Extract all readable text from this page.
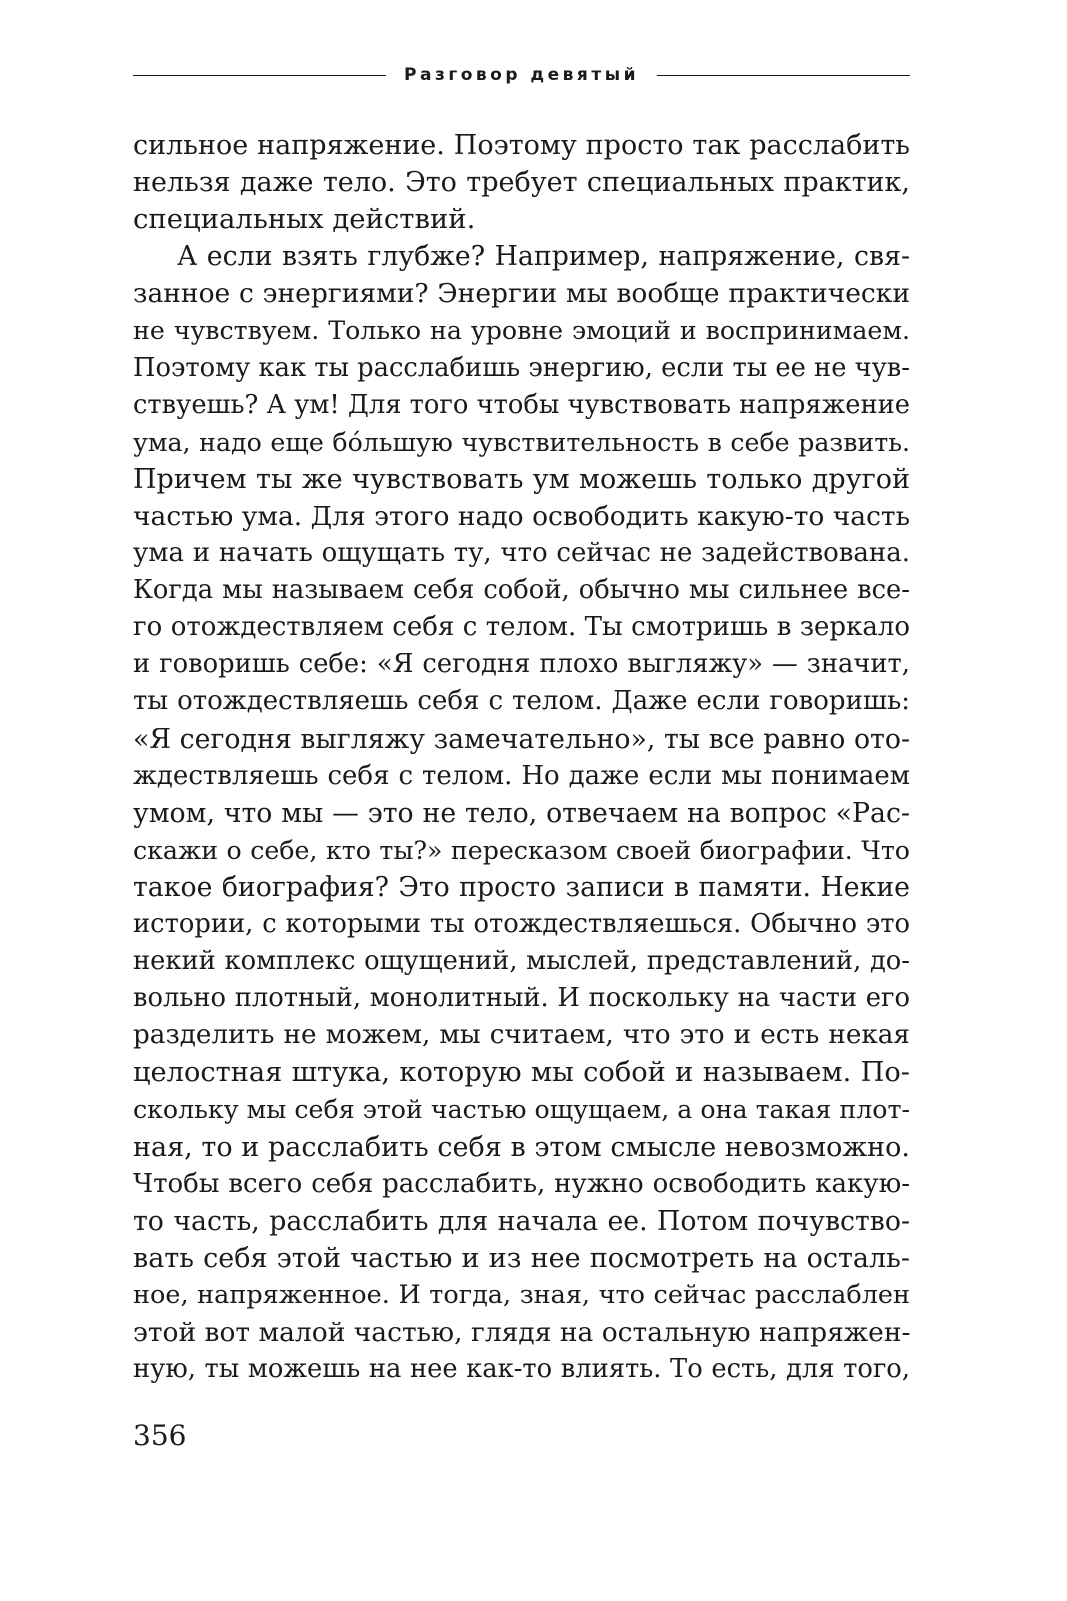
Разговор девятый
сильное напряжение. Поэтому просто так расслабить
нельзя даже тело. Это требует специальных практик,
специальных действий.
А если взять глубже? Например, напряжение, свя-
занное с энергиями? Энергии мы вообще практически
не чувствуем. Только на уровне эмоций и воспринимаем.
Поэтому как ты расслабишь энергию, если ты ее не чув-
ствуешь? А ум! Для того чтобы чувствовать напряжение
ума, надо еще бóльшую чувствительность в себе развить.
Причем ты же чувствовать ум можешь только другой
частью ума. Для этого надо освободить какую-то часть
ума и начать ощущать ту, что сейчас не задействована.
Когда мы называем себя собой, обычно мы сильнее все-
го отождествляем себя с телом. Ты смотришь в зеркало
и говоришь себе: «Я сегодня плохо выгляжу» — значит,
ты отождествляешь себя с телом. Даже если говоришь:
«Я сегодня выгляжу замечательно», ты все равно ото-
ждествляешь себя с телом. Но даже если мы понимаем
умом, что мы — это не тело, отвечаем на вопрос «Рас-
скажи о себе, кто ты?» пересказом своей биографии. Что
такое биография? Это просто записи в памяти. Некие
истории, с которыми ты отождествляешься. Обычно это
некий комплекс ощущений, мыслей, представлений, до-
вольно плотный, монолитный. И поскольку на части его
разделить не можем, мы считаем, что это и есть некая
целостная штука, которую мы собой и называем. По-
скольку мы себя этой частью ощущаем, а она такая плот-
ная, то и расслабить себя в этом смысле невозможно.
Чтобы всего себя расслабить, нужно освободить какую-
то часть, расслабить для начала ее. Потом почувство-
вать себя этой частью и из нее посмотреть на осталь-
ное, напряженное. И тогда, зная, что сейчас расслаблен
этой вот малой частью, глядя на остальную напряжен-
ную, ты можешь на нее как-то влиять. То есть, для того,
356
